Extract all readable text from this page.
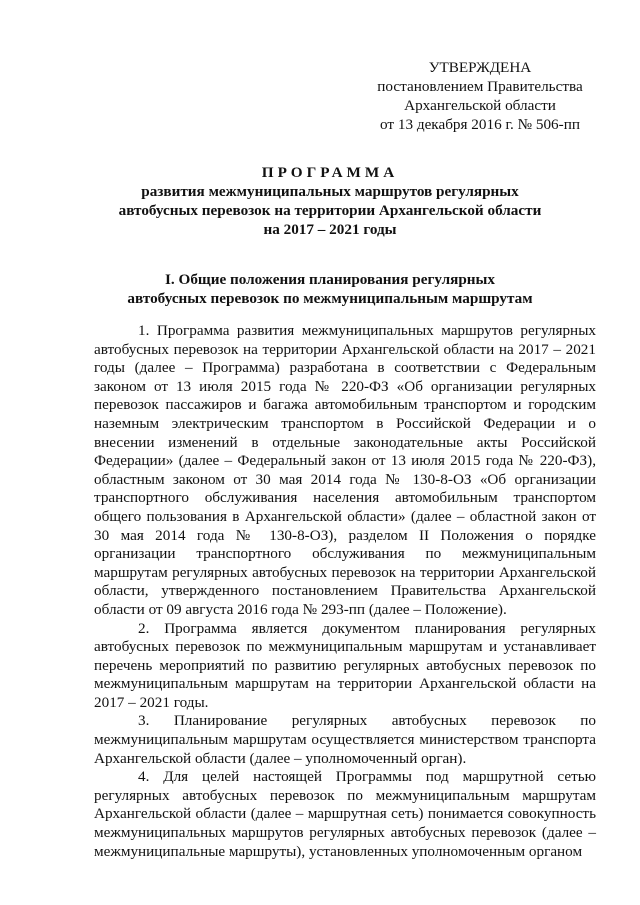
УТВЕРЖДЕНА
постановлением Правительства
Архангельской области
от 13 декабря 2016 г. № 506-пп
ПРОГРАММА
развития межмуниципальных маршрутов регулярных
автобусных перевозок на территории Архангельской области
на 2017 – 2021 годы
I. Общие положения планирования регулярных
автобусных перевозок по межмуниципальным маршрутам

1. Программа развития межмуниципальных маршрутов регулярных автобусных перевозок на территории Архангельской области на 2017 – 2021 годы (далее – Программа) разработана в соответствии с Федеральным законом от 13 июля 2015 года № 220-ФЗ «Об организации регулярных перевозок пассажиров и багажа автомобильным транспортом и городским наземным электрическим транспортом в Российской Федерации и о внесении изменений в отдельные законодательные акты Российской Федерации» (далее – Федеральный закон от 13 июля 2015 года № 220-ФЗ), областным законом от 30 мая 2014 года № 130-8-ОЗ «Об организации транспортного обслуживания населения автомобильным транспортом общего пользования в Архангельской области» (далее – областной закон от 30 мая 2014 года № 130-8-ОЗ), разделом II Положения о порядке организации транспортного обслуживания по межмуниципальным маршрутам регулярных автобусных перевозок на территории Архангельской области, утвержденного постановлением Правительства Архангельской области от 09 августа 2016 года № 293-пп (далее – Положение).

2. Программа является документом планирования регулярных автобусных перевозок по межмуниципальным маршрутам и устанавливает перечень мероприятий по развитию регулярных автобусных перевозок по межмуниципальным маршрутам на территории Архангельской области на 2017 – 2021 годы.

3. Планирование регулярных автобусных перевозок по межмуниципальным маршрутам осуществляется министерством транспорта Архангельской области (далее – уполномоченный орган).

4. Для целей настоящей Программы под маршрутной сетью регулярных автобусных перевозок по межмуниципальным маршрутам Архангельской области (далее – маршрутная сеть) понимается совокупность межмуниципальных маршрутов регулярных автобусных перевозок (далее – межмуниципальные маршруты), установленных уполномоченным органом
